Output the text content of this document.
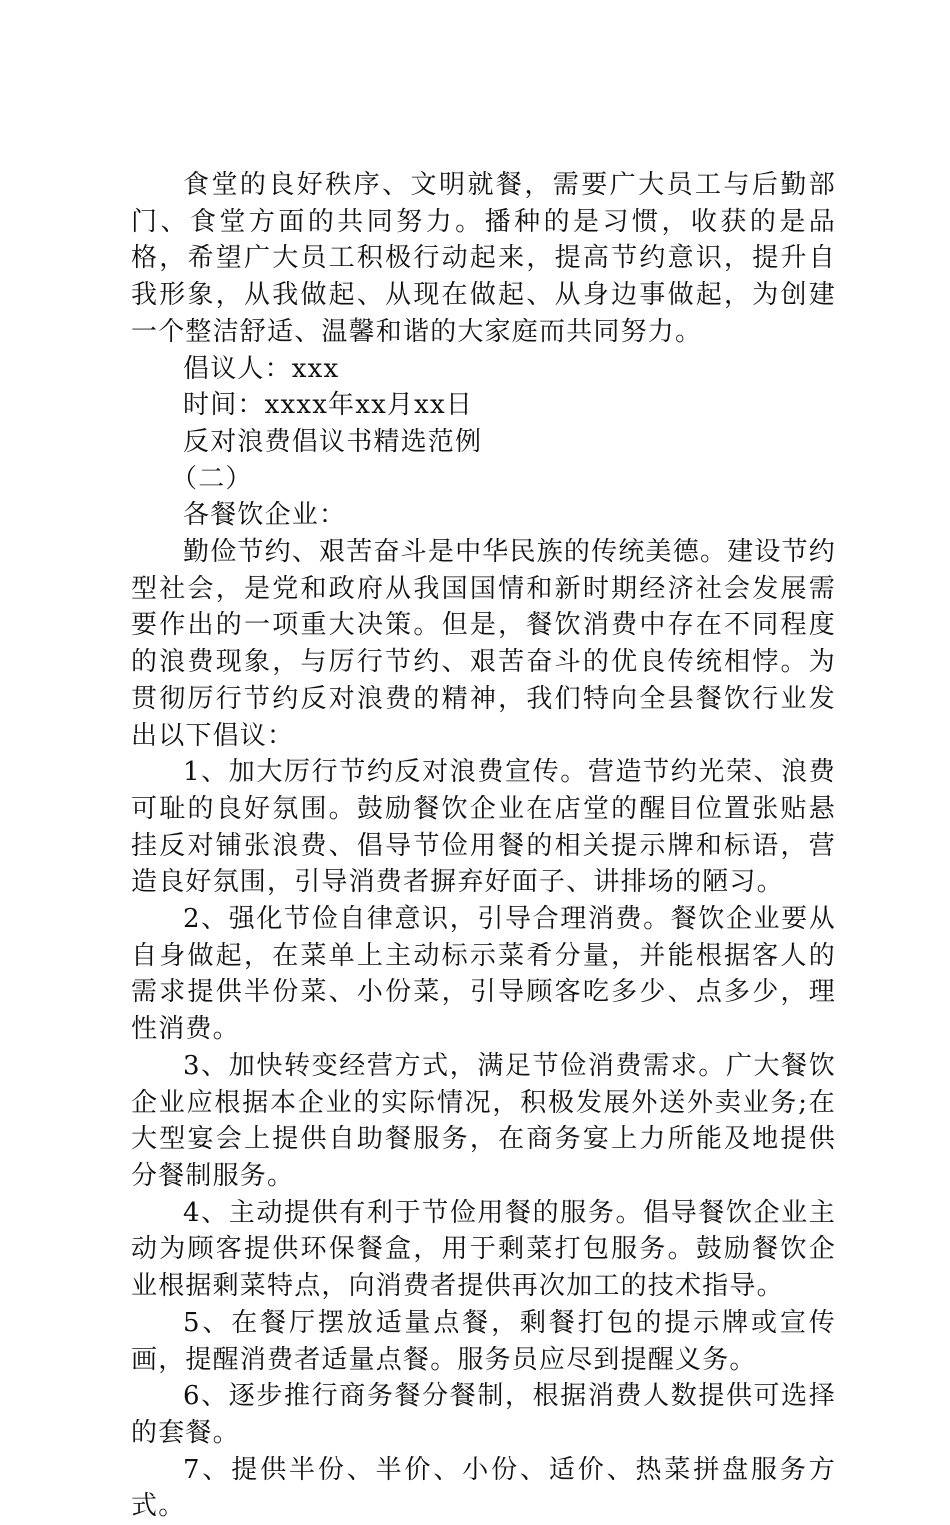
食堂的良好秩序、文明就餐，需要广大员工与后勤部门、食堂方面的共同努力。播种的是习惯，收获的是品格，希望广大员工积极行动起来，提高节约意识，提升自我形象，从我做起、从现在做起、从身边事做起，为创建一个整洁舒适、温馨和谐的大家庭而共同努力。

倡议人：xxx

时间：xxxx年xx月xx日

反对浪费倡议书精选范例

（二）

各餐饮企业：

勤俭节约、艰苦奋斗是中华民族的传统美德。建设节约型社会，是党和政府从我国国情和新时期经济社会发展需要作出的一项重大决策。但是，餐饮消费中存在不同程度的浪费现象，与厉行节约、艰苦奋斗的优良传统相悖。为贯彻厉行节约反对浪费的精神，我们特向全县餐饮行业发出以下倡议：

1、加大厉行节约反对浪费宣传。营造节约光荣、浪费可耻的良好氛围。鼓励餐饮企业在店堂的醒目位置张贴悬挂反对铺张浪费、倡导节俭用餐的相关提示牌和标语，营造良好氛围，引导消费者摒弃好面子、讲排场的陋习。

2、强化节俭自律意识，引导合理消费。餐饮企业要从自身做起，在菜单上主动标示菜肴分量，并能根据客人的需求提供半份菜、小份菜，引导顾客吃多少、点多少，理性消费。

3、加快转变经营方式，满足节俭消费需求。广大餐饮企业应根据本企业的实际情况，积极发展外送外卖业务;在大型宴会上提供自助餐服务，在商务宴上力所能及地提供分餐制服务。

4、主动提供有利于节俭用餐的服务。倡导餐饮企业主动为顾客提供环保餐盒，用于剩菜打包服务。鼓励餐饮企业根据剩菜特点，向消费者提供再次加工的技术指导。

5、在餐厅摆放适量点餐，剩餐打包的提示牌或宣传画，提醒消费者适量点餐。服务员应尽到提醒义务。

6、逐步推行商务餐分餐制，根据消费人数提供可选择的套餐。

7、提供半份、半价、小份、适价、热菜拼盘服务方式。
